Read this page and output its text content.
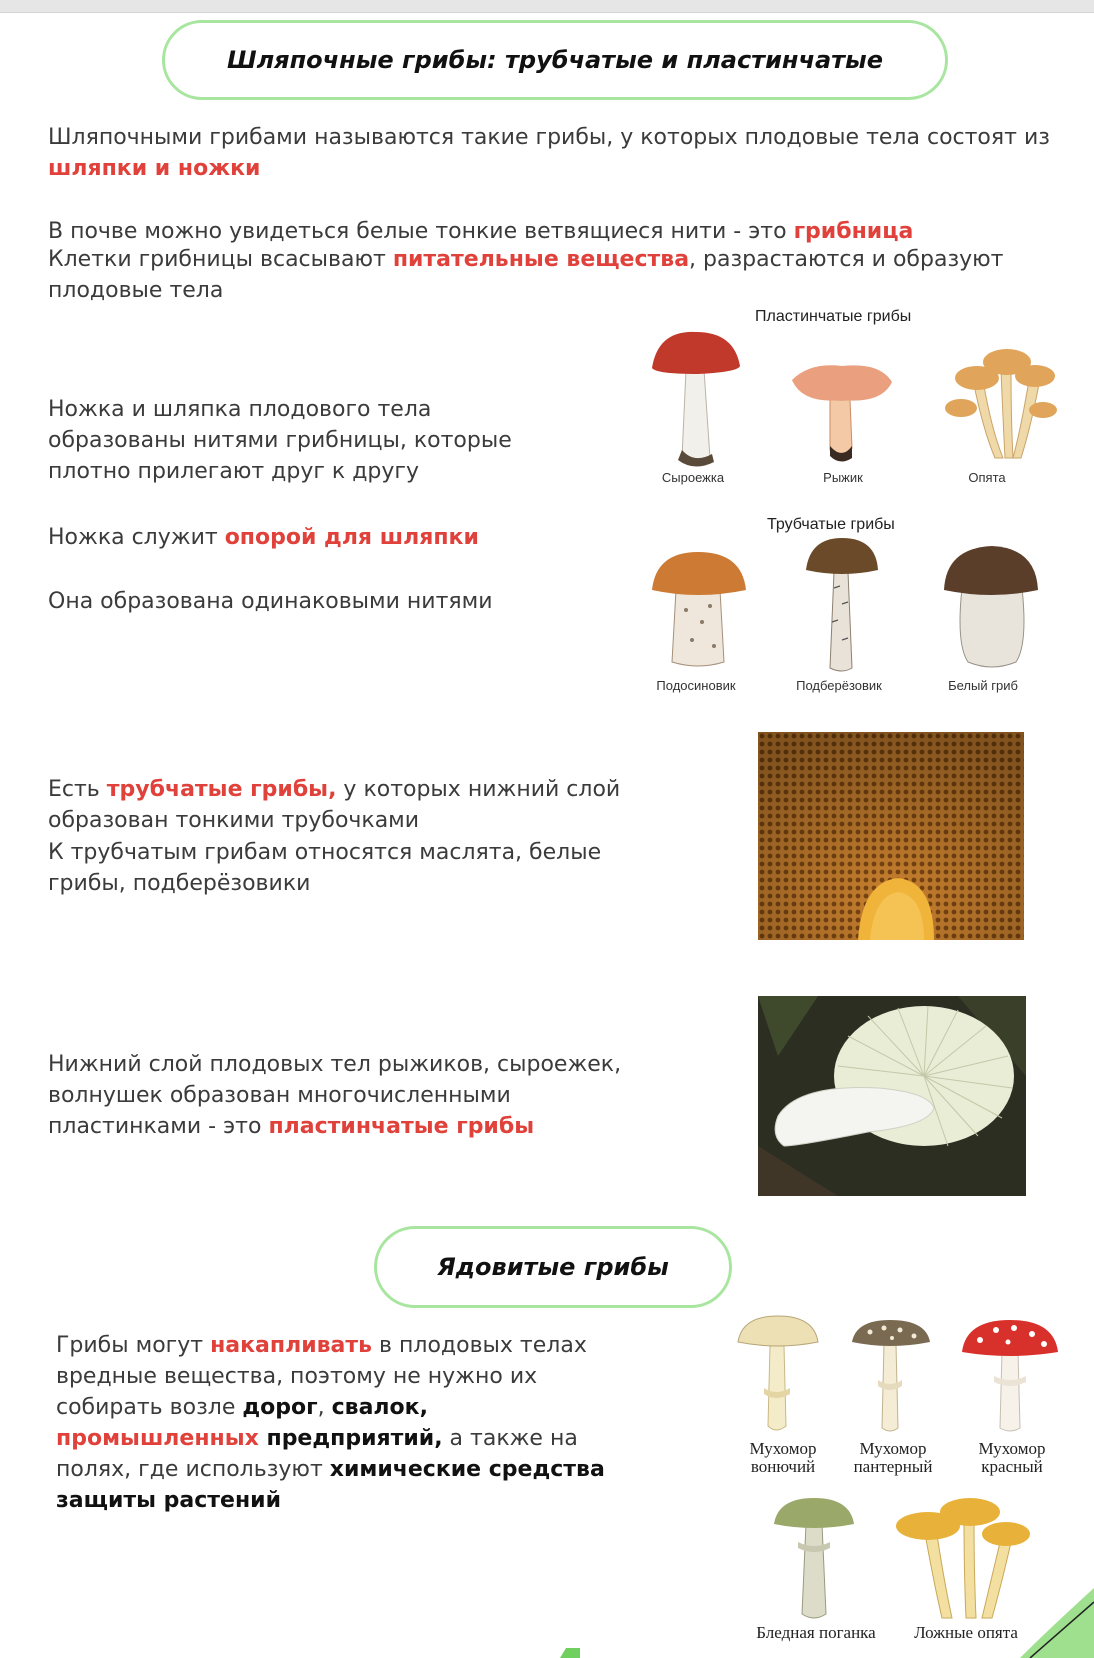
Шляпочные грибы: трубчатые и пластинчатые
Шляпочными грибами называются такие грибы, у которых плодовые тела состоят из шляпки и ножки
В почве можно увидеться белые тонкие ветвящиеся нити - это грибница
Клетки грибницы всасывают питательные вещества, разрастаются и образуют плодовые тела
Ножка и шляпка плодового тела образованы нитями грибницы, которые плотно прилегают друг к другу
Ножка служит опорой для шляпки
Она образована одинаковыми нитями
Есть трубчатые грибы, у которых нижний слой образован тонкими трубочками
К трубчатым грибам относятся маслята, белые грибы, подберёзовики
Нижний слой плодовых тел рыжиков, сыроежек, волнушек образован многочисленными пластинками - это пластинчатые грибы
Пластинчатые грибы
Сыроежка	Рыжик	Опята
Трубчатые грибы
Подосиновик	Подберёзовик	Белый гриб
Ядовитые грибы
Грибы могут накапливать в плодовых телах вредные вещества, поэтому не нужно их собирать возле дорог, свалок,
промышленных предприятий, а также на полях, где используют химические средства защиты растений
Мухомор вонючий
Мухомор пантерный
Мухомор красный
Бледная поганка	Ложные опята
